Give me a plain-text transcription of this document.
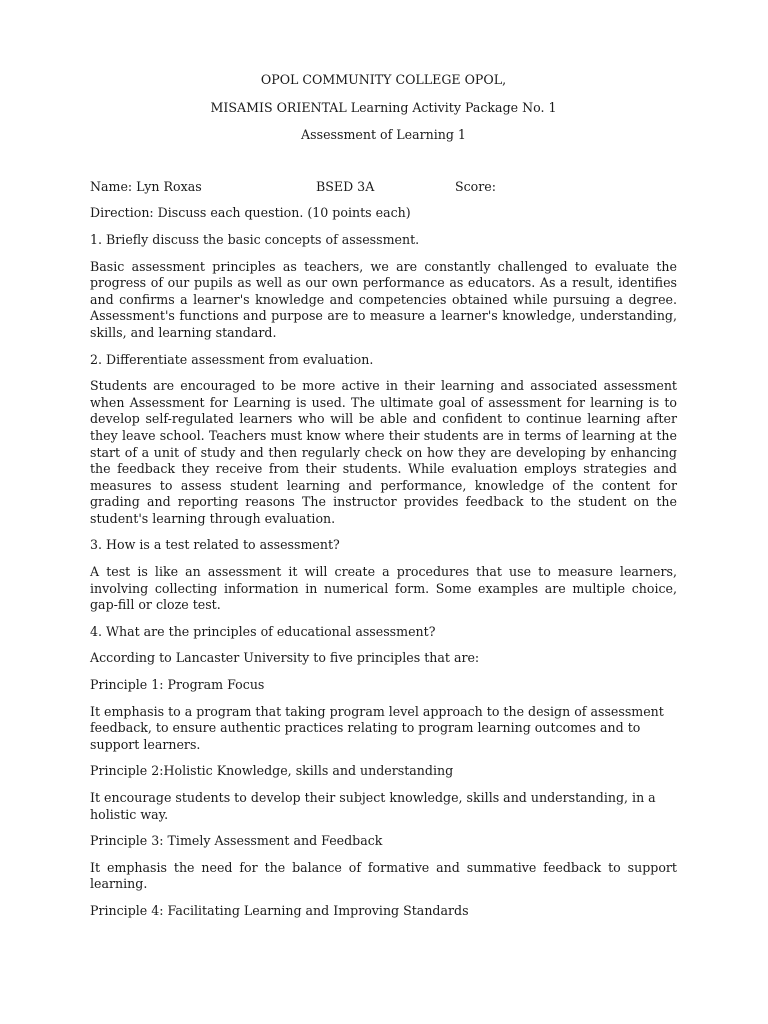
OPOL COMMUNITY COLLEGE OPOL,

MISAMIS ORIENTAL Learning Activity Package No. 1

Assessment of Learning 1

Name: Lyn Roxas	BSED 3A	Score:

Direction: Discuss each question. (10 points each)

1. Briefly discuss the basic concepts of assessment.

Basic assessment principles as teachers, we are constantly challenged to evaluate the progress of our pupils as well as our own performance as educators. As a result, identifies and confirms a learner's knowledge and competencies obtained while pursuing a degree. Assessment's functions and purpose are to measure a learner's knowledge, understanding, skills, and learning standard.

2. Differentiate assessment from evaluation.

Students are encouraged to be more active in their learning and associated assessment when Assessment for Learning is used. The ultimate goal of assessment for learning is to develop self-regulated learners who will be able and confident to continue learning after they leave school. Teachers must know where their students are in terms of learning at the start of a unit of study and then regularly check on how they are developing by enhancing the feedback they receive from their students. While evaluation employs strategies and measures to assess student learning and performance, knowledge of the content for grading and reporting reasons The instructor provides feedback to the student on the student's learning through evaluation.

3. How is a test related to assessment?

A test is like an assessment it will create a procedures that use to measure learners, involving collecting information in numerical form. Some examples are multiple choice, gap-fill or cloze test.

4. What are the principles of educational assessment?

According to Lancaster University to five principles that are:

Principle 1: Program Focus

It emphasis to a program that taking program level approach to the design of assessment feedback, to ensure authentic practices relating to program learning outcomes and to support learners.

Principle 2:Holistic Knowledge, skills and understanding

It encourage students to develop their subject knowledge, skills and understanding, in a holistic way.

Principle 3: Timely Assessment and Feedback

It emphasis the need for the balance of formative and summative feedback to support learning.

Principle 4: Facilitating Learning and Improving Standards
